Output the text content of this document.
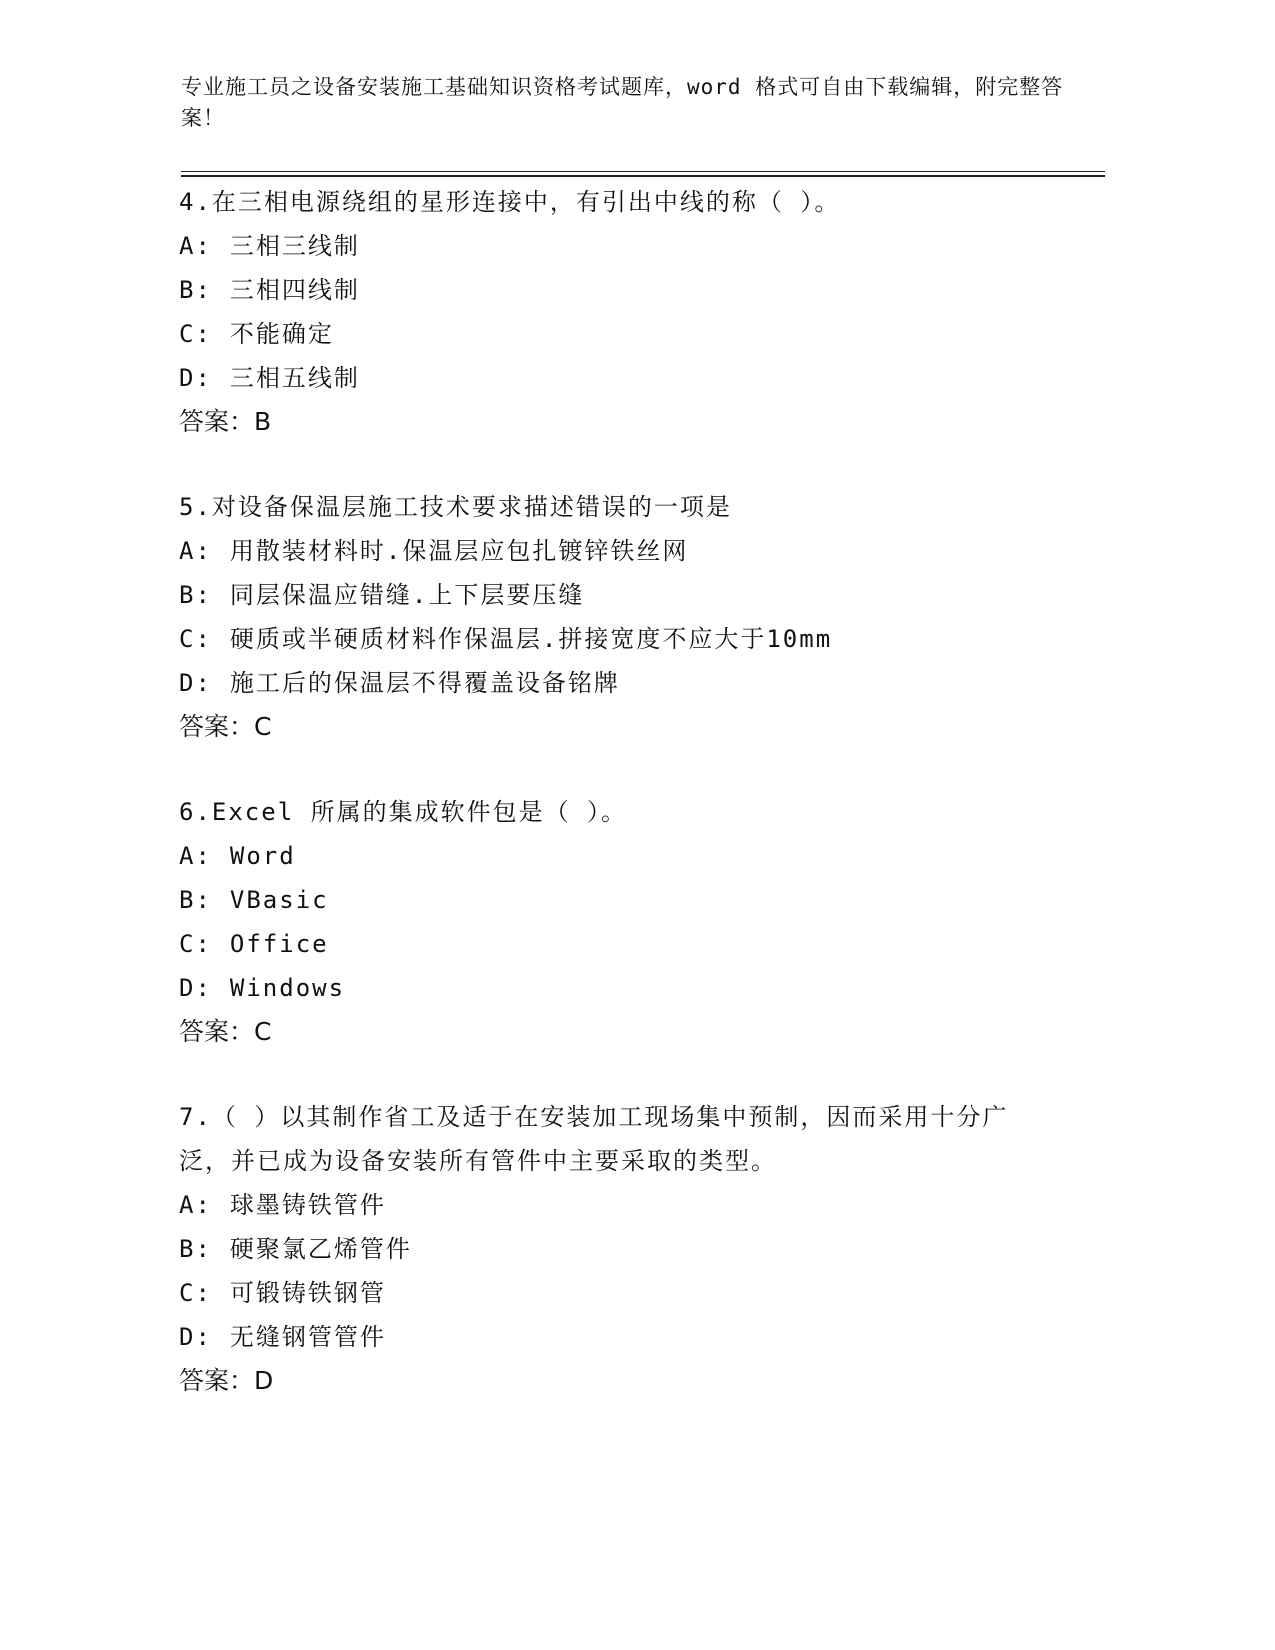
专业施工员之设备安装施工基础知识资格考试题库，word 格式可自由下载编辑，附完整答案！
4.在三相电源绕组的星形连接中，有引出中线的称（ ）。
A: 三相三线制
B: 三相四线制
C: 不能确定
D: 三相五线制
答案：B
5.对设备保温层施工技术要求描述错误的一项是
A: 用散装材料时.保温层应包扎镀锌铁丝网
B: 同层保温应错缝.上下层要压缝
C: 硬质或半硬质材料作保温层.拼接宽度不应大于10mm
D: 施工后的保温层不得覆盖设备铭牌
答案：C
6.Excel 所属的集成软件包是（ ）。
A: Word
B: VBasic
C: Office
D: Windows
答案：C
7.（ ）以其制作省工及适于在安装加工现场集中预制，因而采用十分广泛，并已成为设备安装所有管件中主要采取的类型。
A: 球墨铸铁管件
B: 硬聚氯乙烯管件
C: 可锻铸铁钢管
D: 无缝钢管管件
答案：D
